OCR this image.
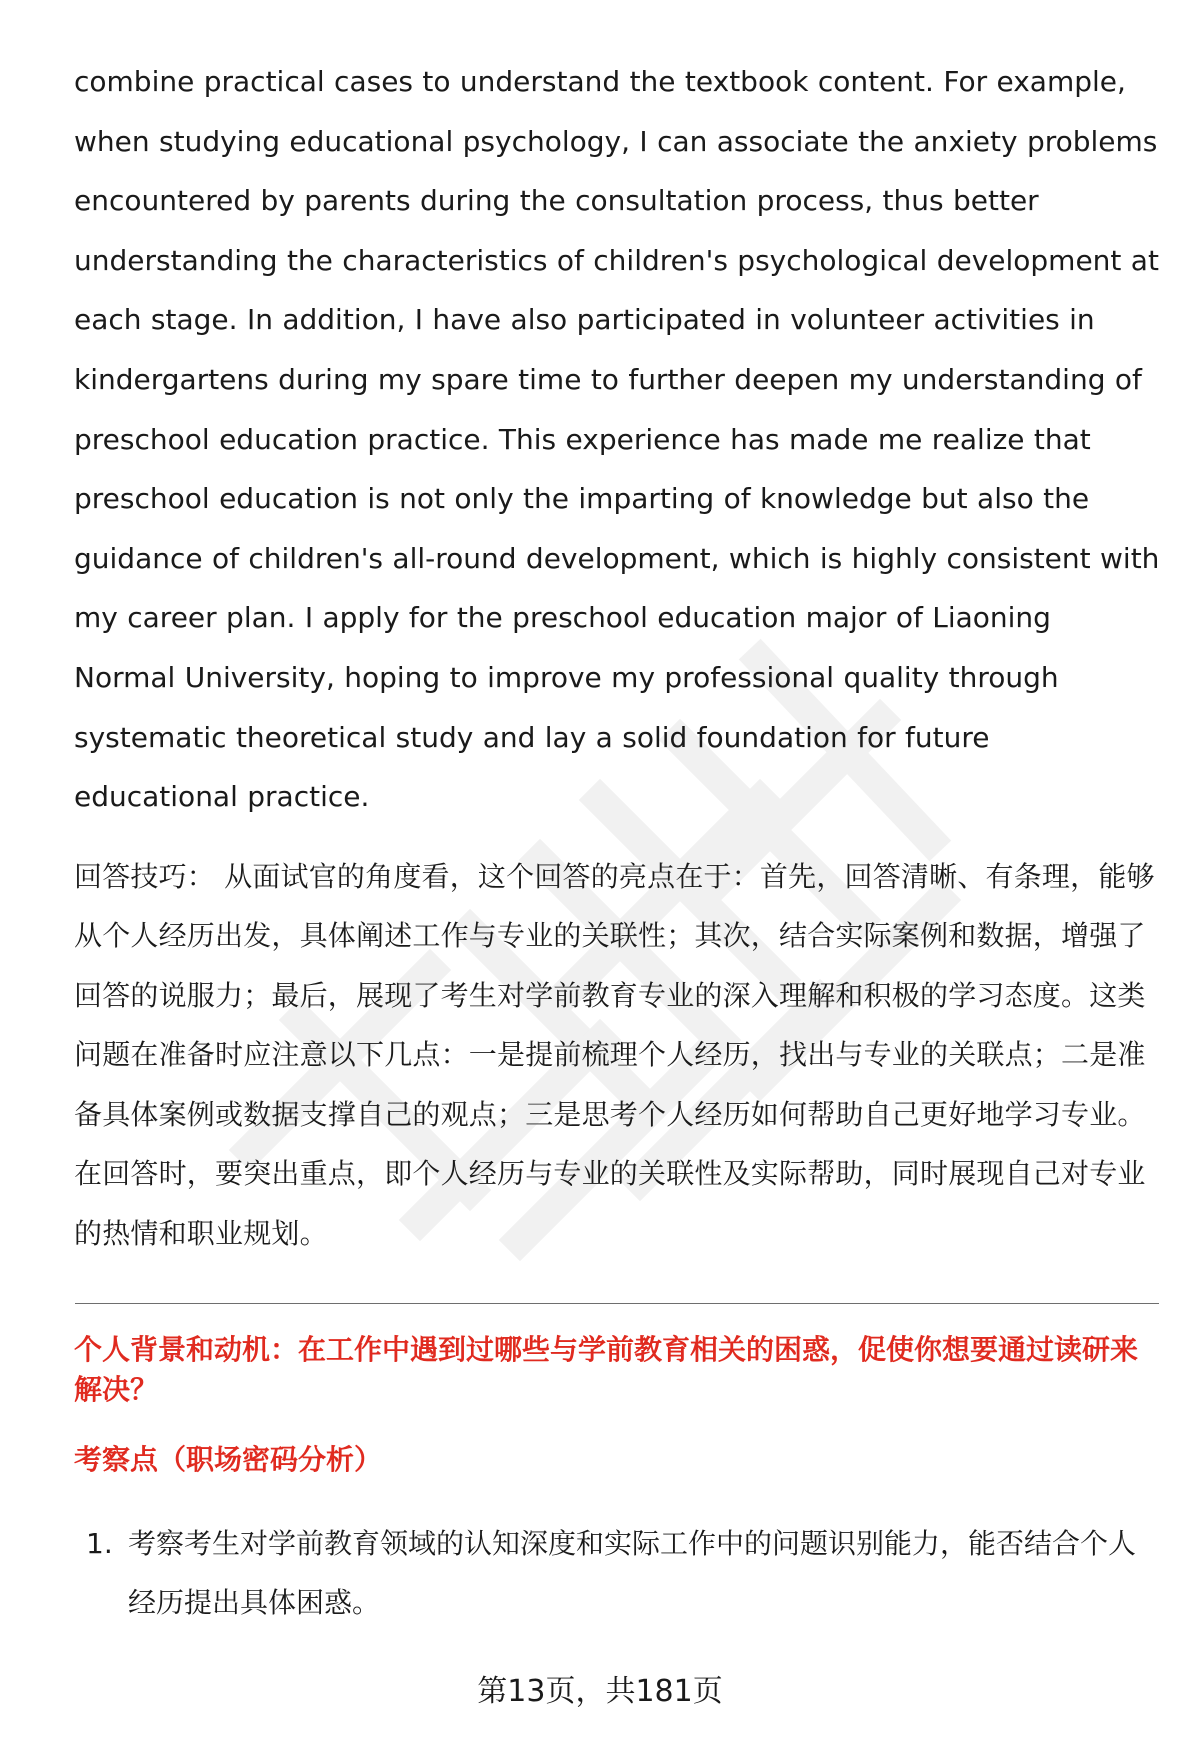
combine practical cases to understand the textbook content. For example, when studying educational psychology, I can associate the anxiety problems encountered by parents during the consultation process, thus better understanding the characteristics of children's psychological development at each stage. In addition, I have also participated in volunteer activities in kindergartens during my spare time to further deepen my understanding of preschool education practice. This experience has made me realize that preschool education is not only the imparting of knowledge but also the guidance of children's all-round development, which is highly consistent with my career plan. I apply for the preschool education major of Liaoning Normal University, hoping to improve my professional quality through systematic theoretical study and lay a solid foundation for future educational practice.

回答技巧： 从面试官的角度看，这个回答的亮点在于：首先，回答清晰、有条理，能够从个人经历出发，具体阐述工作与专业的关联性；其次，结合实际案例和数据，增强了回答的说服力；最后，展现了考生对学前教育专业的深入理解和积极的学习态度。这类问题在准备时应注意以下几点：一是提前梳理个人经历，找出与专业的关联点；二是准备具体案例或数据支撑自己的观点；三是思考个人经历如何帮助自己更好地学习专业。在回答时，要突出重点，即个人经历与专业的关联性及实际帮助，同时展现自己对专业的热情和职业规划。

个人背景和动机：在工作中遇到过哪些与学前教育相关的困惑，促使你想要通过读研来解决？

考察点（职场密码分析）

1. 考察考生对学前教育领域的认知深度和实际工作中的问题识别能力，能否结合个人经历提出具体困惑。
第13页，共181页
